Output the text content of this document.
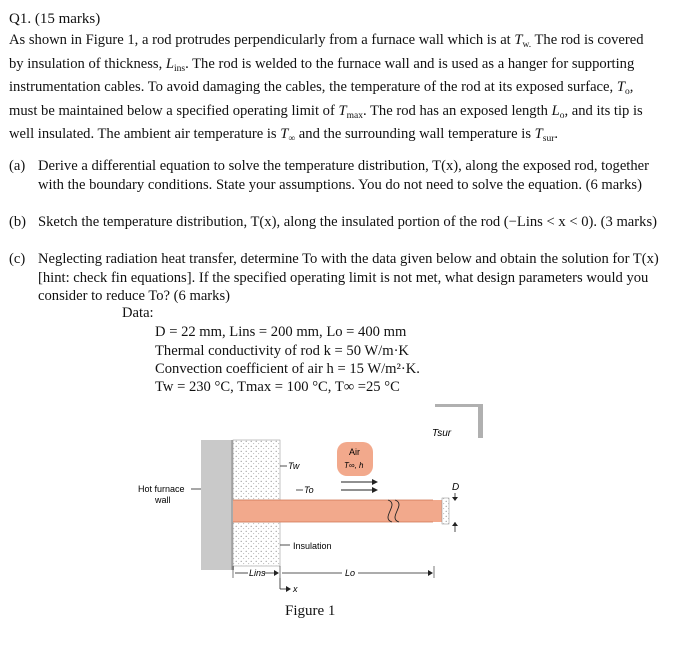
Q1. (15 marks)
As shown in Figure 1, a rod protrudes perpendicularly from a furnace wall which is at $T_{w.}$ The rod is covered by insulation of thickness, $L_{ins}$. The rod is welded to the furnace wall and is used as a hanger for supporting instrumentation cables. To avoid damaging the cables, the temperature of the rod at its exposed surface, $T_o$, must be maintained below a specified operating limit of $T_{max}$. The rod has an exposed length $L_o$, and its tip is well insulated. The ambient air temperature is $T_\infty$ and the surrounding wall temperature is $T_{sur}$.
(a) Derive a differential equation to solve the temperature distribution, T(x), along the exposed rod, together with the boundary conditions. State your assumptions. You do not need to solve the equation. (6 marks)
(b) Sketch the temperature distribution, T(x), along the insulated portion of the rod (−Lins < x < 0). (3 marks)
(c) Neglecting radiation heat transfer, determine To with the data given below and obtain the solution for T(x) [hint: check fin equations]. If the specified operating limit is not met, what design parameters would you consider to reduce To? (6 marks)
Data:
D = 22 mm, Lins = 200 mm, Lo = 400 mm
Thermal conductivity of rod k = 50 W/m·K
Convection coefficient of air h = 15 W/m²·K.
Tw = 230 °C, Tmax = 100 °C, T∞ =25 °C
Tsur
Hot furnace
wall
D
Air
T∞, h
Tw
To
Insulation
Lins
x
Lo
Figure 1
